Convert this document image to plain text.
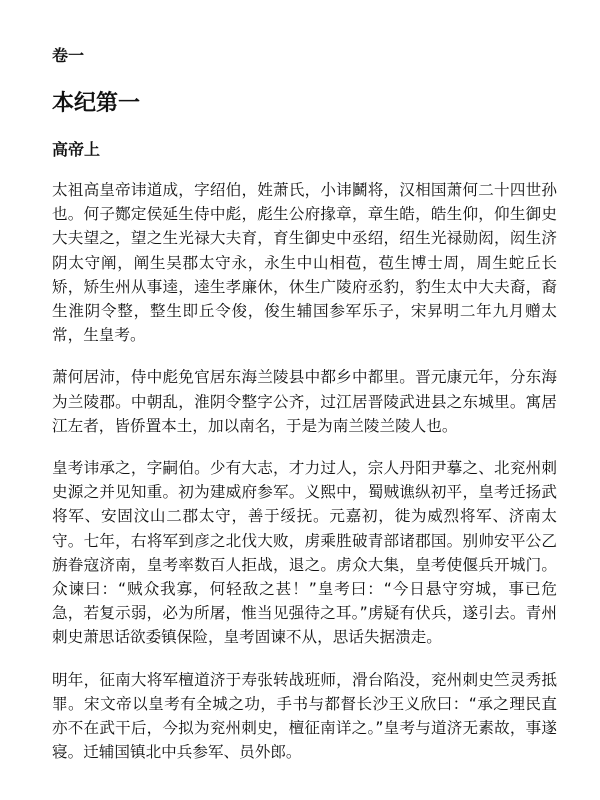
卷一
本纪第一
高帝上

太祖高皇帝讳道成，字绍伯，姓萧氏，小讳鬭将，汉相国萧何二十四世孙也。何子酂定侯延生侍中彪，彪生公府掾章，章生皓，皓生仰，仰生御史大夫望之，望之生光禄大夫育，育生御史中丞绍，绍生光禄勋闳，闳生济阴太守阐，阐生吴郡太守永，永生中山相苞，苞生博士周，周生蛇丘长矫，矫生州从事逵，逵生孝廉休，休生广陵府丞豹，豹生太中大夫裔，裔生淮阴令整，整生即丘令俊，俊生辅国参军乐子，宋昇明二年九月赠太常，生皇考。

萧何居沛，侍中彪免官居东海兰陵县中都乡中都里。晋元康元年，分东海为兰陵郡。中朝乱，淮阴令整字公齐，过江居晋陵武进县之东城里。寓居江左者，皆侨置本土，加以南名，于是为南兰陵兰陵人也。

皇考讳承之，字嗣伯。少有大志，才力过人，宗人丹阳尹摹之、北兖州刺史源之并见知重。初为建威府参军。义熙中，蜀贼谯纵初平，皇考迁扬武将军、安固汶山二郡太守，善于绥抚。元嘉初，徙为威烈将军、济南太守。七年，右将军到彦之北伐大败，虏乘胜破青部诸郡国。别帅安平公乙旃眷寇济南，皇考率数百人拒战，退之。虏众大集，皇考使偃兵开城门。众谏曰：“贼众我寡，何轻敌之甚！”皇考曰：“今日悬守穷城，事已危急，若复示弱，必为所屠，惟当见强待之耳。”虏疑有伏兵，遂引去。青州刺史萧思话欲委镇保险，皇考固谏不从，思话失据溃走。

明年，征南大将军檀道济于寿张转战班师，滑台陷没，兖州刺史竺灵秀抵罪。宋文帝以皇考有全城之功，手书与都督长沙王义欣曰：“承之理民直亦不在武干后，今拟为兖州刺史，檀征南详之。”皇考与道济无素故，事遂寝。迁辅国镇北中兵参军、员外郎。
